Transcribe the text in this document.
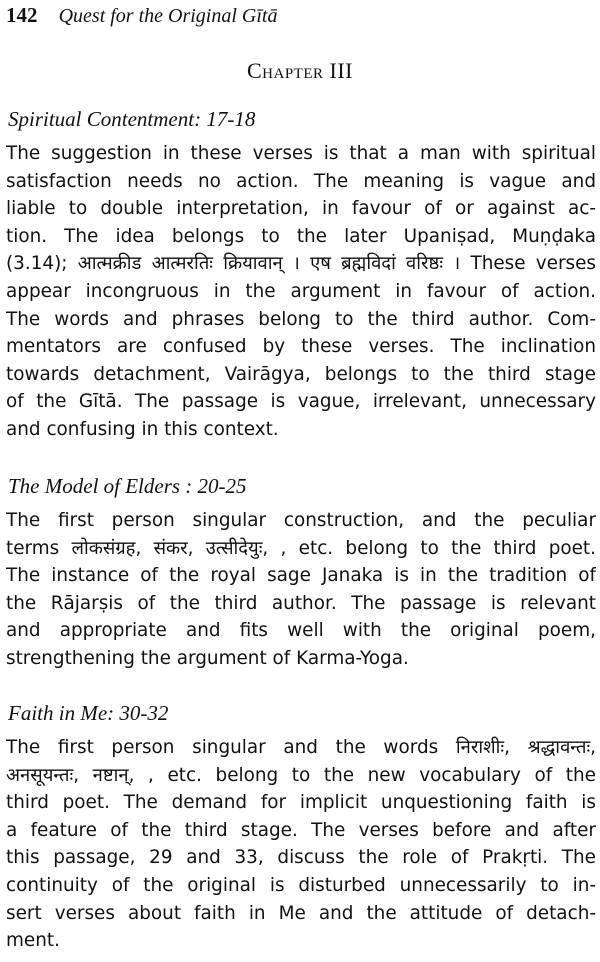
142 Quest for the Original Gītā
Chapter III
Spiritual Contentment: 17-18
The suggestion in these verses is that a man with spiritual
satisfaction needs no action. The meaning is vague and
liable to double interpretation, in favour of or against ac-
tion. The idea belongs to the later Upaniṣad, Muṇḍaka
(3.14); आत्मक्रीड आत्मरतिः क्रियावान् । एष ब्रह्मविदां वरिष्ठः । These verses
appear incongruous in the argument in favour of action.
The words and phrases belong to the third author. Com-
mentators are confused by these verses. The inclination
towards detachment, Vairāgya, belongs to the third stage
of the Gītā. The passage is vague, irrelevant, unnecessary
and confusing in this context.
The Model of Elders : 20-25
The first person singular construction, and the peculiar
terms लोकसंग्रह, संकर, उत्सीदेयुः, , etc. belong to the third poet.
The instance of the royal sage Janaka is in the tradition of
the Rājarṣis of the third author. The passage is relevant
and appropriate and fits well with the original poem,
strengthening the argument of Karma-Yoga.
Faith in Me: 30-32
The first person singular and the words निराशीः, श्रद्धावन्तः,
अनसूयन्तः, नष्टान्, , etc. belong to the new vocabulary of the
third poet. The demand for implicit unquestioning faith is
a feature of the third stage. The verses before and after
this passage, 29 and 33, discuss the role of Prakṛti. The
continuity of the original is disturbed unnecessarily to in-
sert verses about faith in Me and the attitude of detach-
ment.
